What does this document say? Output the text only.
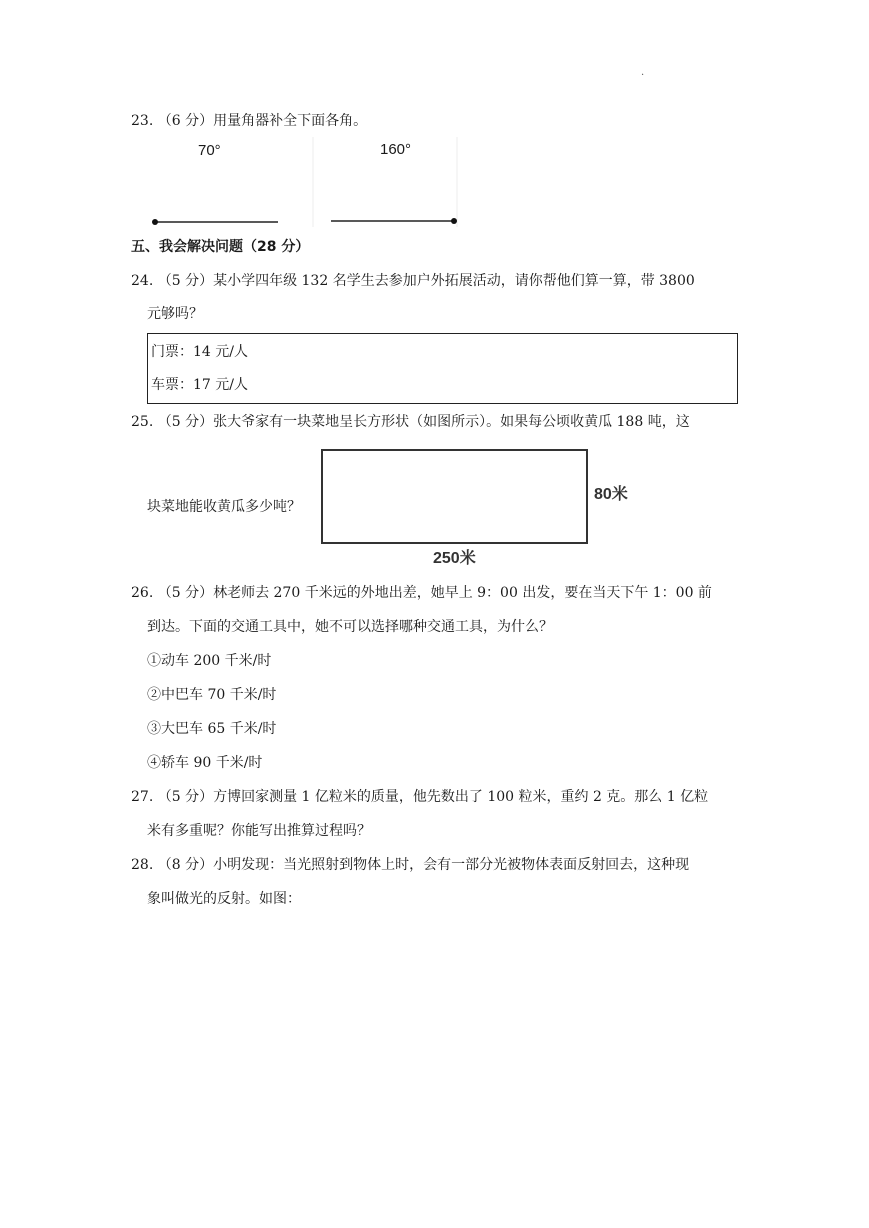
.
23. （6 分）用量角器补全下面各角。
70°	160°
五、我会解决问题（28 分）
24. （5 分）某小学四年级 132 名学生去参加户外拓展活动，请你帮他们算一算，带 3800
元够吗？
门票：14 元/人
车票：17 元/人
25. （5 分）张大爷家有一块菜地呈长方形状（如图所示）。如果每公顷收黄瓜 188 吨，这
块菜地能收黄瓜多少吨？
80米
250米
26. （5 分）林老师去 270 千米远的外地出差，她早上 9：00 出发，要在当天下午 1：00 前
到达。下面的交通工具中，她不可以选择哪种交通工具，为什么？
①动车 200 千米/时
②中巴车 70 千米/时
③大巴车 65 千米/时
④轿车 90 千米/时
27. （5 分）方博回家测量 1 亿粒米的质量，他先数出了 100 粒米，重约 2 克。那么 1 亿粒
米有多重呢？你能写出推算过程吗？
28. （8 分）小明发现：当光照射到物体上时，会有一部分光被物体表面反射回去，这种现
象叫做光的反射。如图：
